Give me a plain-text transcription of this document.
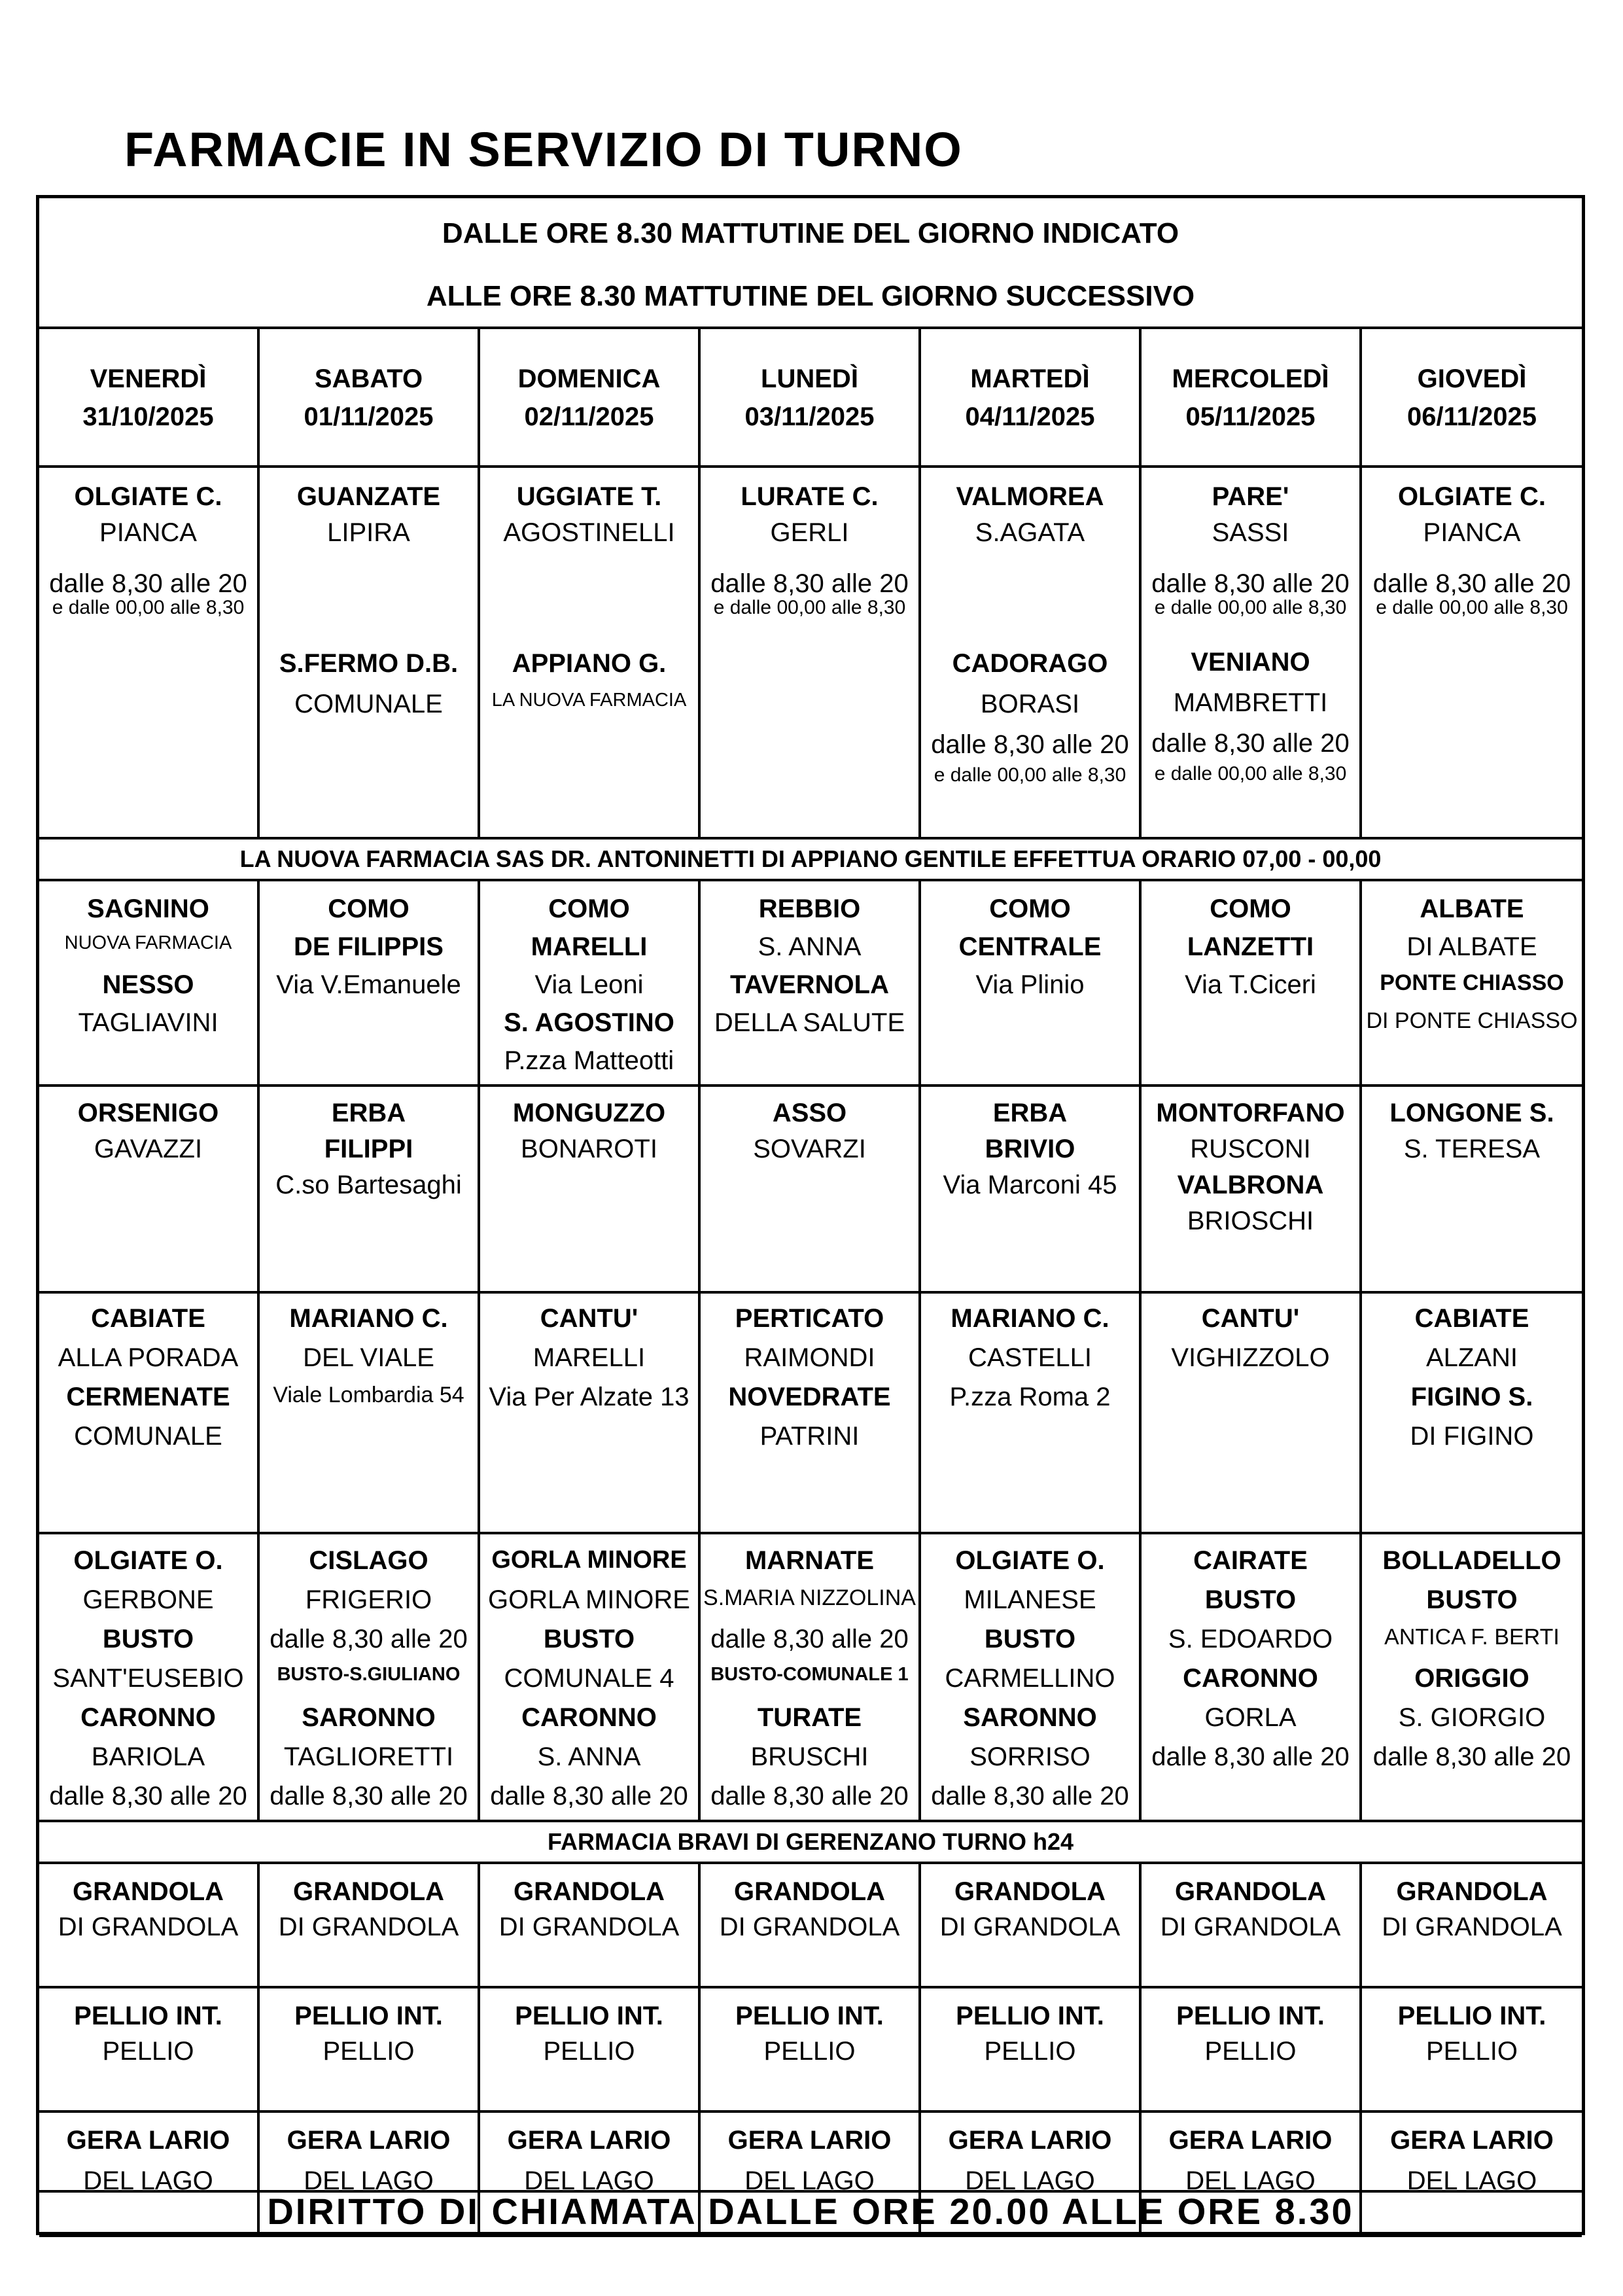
FARMACIE IN SERVIZIO DI TURNO
DALLE ORE 8.30 MATTUTINE DEL GIORNO INDICATO
ALLE ORE 8.30 MATTUTINE DEL GIORNO SUCCESSIVO
DIRITTO DI CHIAMATA DALLE ORE 20.00 ALLE ORE 8.30
VENERDÌ
31/10/2025
SABATO
01/11/2025
DOMENICA
02/11/2025
LUNEDÌ
03/11/2025
MARTEDÌ
04/11/2025
MERCOLEDÌ
05/11/2025
GIOVEDÌ
06/11/2025
OLGIATE C.
PIANCA
dalle 8,30 alle 20
e dalle 00,00 alle 8,30
GUANZATE
LIPIRA
S.FERMO D.B.
COMUNALE
UGGIATE T.
AGOSTINELLI
APPIANO G.
LA NUOVA FARMACIA
LURATE C.
GERLI
dalle 8,30 alle 20
e dalle 00,00 alle 8,30
VALMOREA
S.AGATA
CADORAGO
BORASI
dalle 8,30 alle 20
e dalle 00,00 alle 8,30
PARE'
SASSI
dalle 8,30 alle 20
e dalle 00,00 alle 8,30
VENIANO
MAMBRETTI
dalle 8,30 alle 20
e dalle 00,00 alle 8,30
OLGIATE C.
PIANCA
dalle 8,30 alle 20
e dalle 00,00 alle 8,30
SAGNINO
NUOVA FARMACIA
NESSO
TAGLIAVINI
COMO
DE FILIPPIS
Via V.Emanuele
COMO
MARELLI
Via Leoni
S. AGOSTINO
P.zza Matteotti
REBBIO
S. ANNA
TAVERNOLA
DELLA SALUTE
COMO
CENTRALE
Via Plinio
COMO
LANZETTI
Via T.Ciceri
ALBATE
DI ALBATE
PONTE CHIASSO
DI PONTE CHIASSO
ORSENIGO
GAVAZZI
ERBA
FILIPPI
C.so Bartesaghi
MONGUZZO
BONAROTI
ASSO
SOVARZI
ERBA
BRIVIO
Via Marconi 45
MONTORFANO
RUSCONI
VALBRONA
BRIOSCHI
LONGONE S.
S. TERESA
CABIATE
ALLA PORADA
CERMENATE
COMUNALE
MARIANO C.
DEL VIALE
Viale Lombardia 54
CANTU'
MARELLI
Via Per Alzate 13
PERTICATO
RAIMONDI
NOVEDRATE
PATRINI
MARIANO C.
CASTELLI
P.zza Roma 2
CANTU'
VIGHIZZOLO
CABIATE
ALZANI
FIGINO S.
DI FIGINO
OLGIATE O.
GERBONE
BUSTO
SANT'EUSEBIO
CARONNO
BARIOLA
dalle 8,30 alle 20
CISLAGO
FRIGERIO
dalle 8,30 alle 20
BUSTO-S.GIULIANO
SARONNO
TAGLIORETTI
dalle 8,30 alle 20
GORLA MINORE
GORLA MINORE
BUSTO
COMUNALE 4
CARONNO
S. ANNA
dalle 8,30 alle 20
MARNATE
S.MARIA NIZZOLINA
dalle 8,30 alle 20
BUSTO-COMUNALE 1
TURATE
BRUSCHI
dalle 8,30 alle 20
OLGIATE O.
MILANESE
BUSTO
CARMELLINO
SARONNO
SORRISO
dalle 8,30 alle 20
CAIRATE
BUSTO
S. EDOARDO
CARONNO
GORLA
dalle 8,30 alle 20
BOLLADELLO
BUSTO
ANTICA F. BERTI
ORIGGIO
S. GIORGIO
dalle 8,30 alle 20
GRANDOLA
DI GRANDOLA
GRANDOLA
DI GRANDOLA
GRANDOLA
DI GRANDOLA
GRANDOLA
DI GRANDOLA
GRANDOLA
DI GRANDOLA
GRANDOLA
DI GRANDOLA
GRANDOLA
DI GRANDOLA
PELLIO INT.
PELLIO
PELLIO INT.
PELLIO
PELLIO INT.
PELLIO
PELLIO INT.
PELLIO
PELLIO INT.
PELLIO
PELLIO INT.
PELLIO
PELLIO INT.
PELLIO
GERA LARIO
DEL LAGO
GERA LARIO
DEL LAGO
GERA LARIO
DEL LAGO
GERA LARIO
DEL LAGO
GERA LARIO
DEL LAGO
GERA LARIO
DEL LAGO
GERA LARIO
DEL LAGO
LA NUOVA FARMACIA SAS DR. ANTONINETTI DI APPIANO GENTILE EFFETTUA ORARIO 07,00 - 00,00
FARMACIA BRAVI DI GERENZANO TURNO h24
